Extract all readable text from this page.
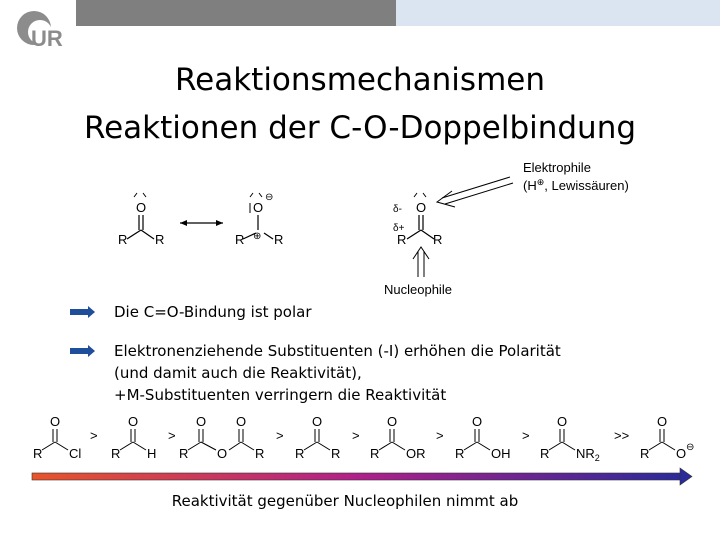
UR
Reaktionsmechanismen
Reaktionen der C-O-Doppelbindung
O
R R
O
⊖
⊕
R R
δ- O
δ+
R R
Elektrophile
(H⊕, Lewissäuren)
Nucleophile
Die C=O-Bindung ist polar
Elektronenziehende Substituenten (-I) erhöhen die Polarität
(und damit auch die Reaktivität),
+M-Substituenten verringern die Reaktivität
O
R Cl
>
O
R H
>
O
R O
O
R
>
O
R R
>
O
R OR
>
O
R OH
>
O
R $NR_2$
>>
O
R O ⊖
Reaktivität gegenüber Nucleophilen nimmt ab
